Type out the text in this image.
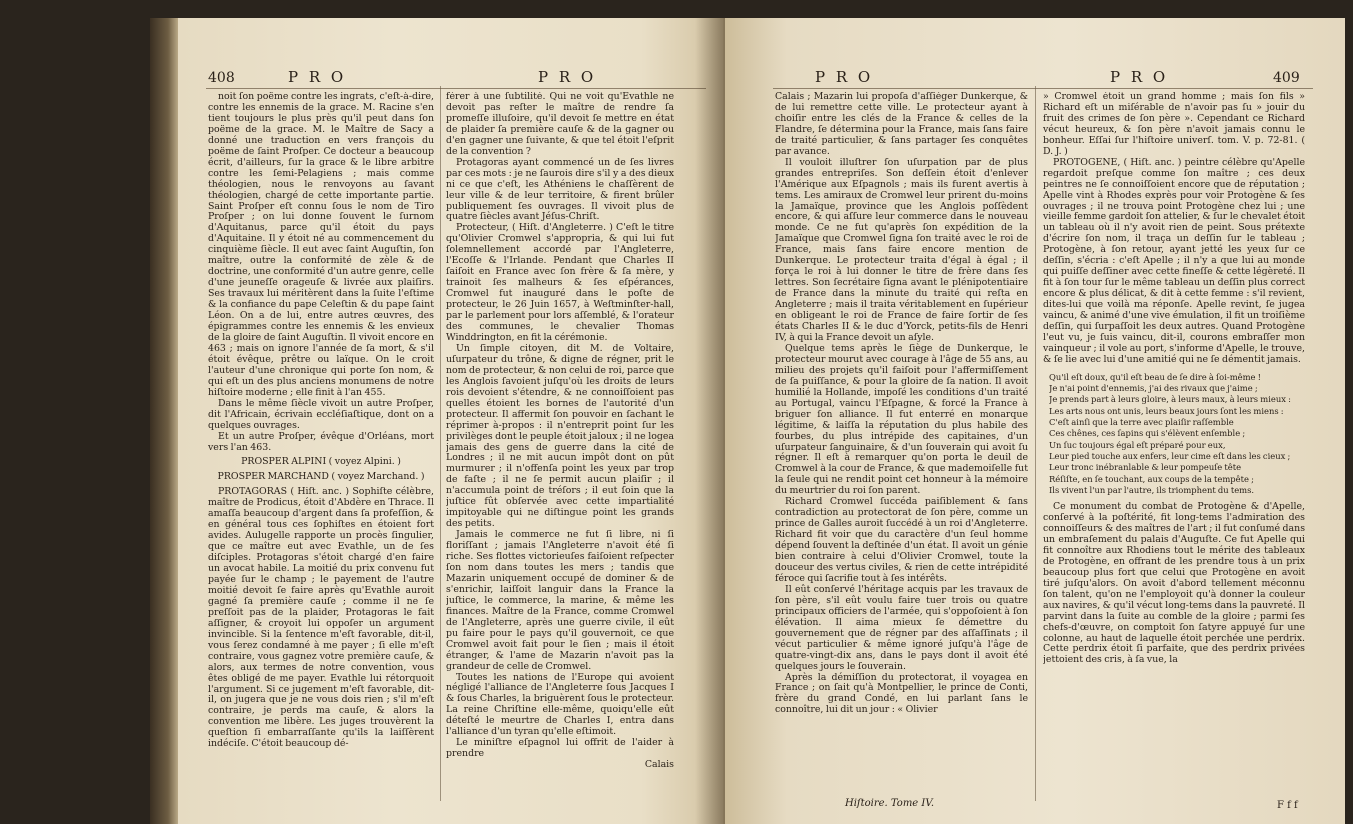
408	P R O	P R O

noit ſon poëme contre les ingrats, c'eſt-à-dire, contre les ennemis de la grace. M. Racine s'en tient toujours le plus près qu'il peut dans ſon poëme de la grace. M. le Maître de Sacy a donné une traduction en vers françois du poëme de ſaint Proſper. Ce docteur a beaucoup écrit, d'ailleurs, ſur la grace & le libre arbitre contre les ſemi-Pelagiens ; mais comme théologien, nous le renvoyons au ſavant théologien, chargé de cette importante partie. Saint Proſper eſt connu ſous le nom de Tiro Proſper ; on lui donne ſouvent le ſurnom d'Aquitanus, parce qu'il étoit du pays d'Aquitaine. Il y étoit né au commencement du cinquième ſiècle. Il eut avec ſaint Auguſtin, ſon maître, outre la conformité de zèle & de doctrine, une conformité d'un autre genre, celle d'une jeuneſſe orageuſe & livrée aux plaiſirs. Ses travaux lui méritèrent dans la ſuite l'eſtime & la confiance du pape Celeſtin & du pape ſaint Léon. On a de lui, entre autres œuvres, des épigrammes contre les ennemis & les envieux de la gloire de ſaint Auguſtin. Il vivoit encore en 463 ; mais on ignore l'année de ſa mort, & s'il étoit évêque, prêtre ou laïque. On le croit l'auteur d'une chronique qui porte ſon nom, & qui eſt un des plus anciens monumens de notre hiſtoire moderne ; elle finit à l'an 455.

Dans le même ſiècle vivoit un autre Proſper, dit l'Africain, écrivain eccléſiaſtique, dont on a quelques ouvrages.

Et un autre Proſper, évêque d'Orléans, mort vers l'an 463.

PROSPER ALPINI ( voyez Alpini. )
PROSPER MARCHAND ( voyez Marchand. )

PROTAGORAS ( Hiſt. anc. ) Sophiſte célèbre, maître de Prodicus, étoit d'Abdère en Thrace. Il amaſſa beaucoup d'argent dans ſa profeſſion, & en général tous ces ſophiſtes en étoient fort avides. Aulugelle rapporte un procès ſingulier, que ce maître eut avec Evathle, un de ſes diſciples. Protagoras s'étoit chargé d'en faire un avocat habile. La moitié du prix convenu fut payée ſur le champ ; le payement de l'autre moitié devoit ſe faire après qu'Evathle auroit gagné ſa première cauſe ; comme il ne ſe preſſoit pas de la plaider, Protagoras le fait aſſigner, & croyoit lui oppoſer un argument invincible. Si la ſentence m'eſt favorable, dit-il, vous ſerez condamné à me payer ; ſi elle m'eſt contraire, vous gagnez votre première cauſe, & alors, aux termes de notre convention, vous êtes obligé de me payer. Evathle lui rétorquoit l'argument. Si ce jugement m'eſt favorable, dit-il, on jugera que je ne vous dois rien ; s'il m'eſt contraire, je perds ma cauſe, & alors la convention me libère. Les juges trouvèrent la queſtion ſi embarraſſante qu'ils la laiſſèrent indéciſe. C'étoit beaucoup dé-

férer à une ſubtilité. Qui ne voit qu'Evathle ne devoit pas reſter le maître de rendre ſa promeſſe illuſoire, qu'il devoit ſe mettre en état de plaider ſa première cauſe & de la gagner ou d'en gagner une ſuivante, & que tel étoit l'eſprit de la convention ?

Protagoras ayant commencé un de ſes livres par ces mots : je ne ſaurois dire s'il y a des dieux ni ce que c'eſt, les Athéniens le chaſſèrent de leur ville & de leur territoire, & firent brûler publiquement ſes ouvrages. Il vivoit plus de quatre ſiècles avant Jéſus-Chriſt.

Protecteur, ( Hiſt. d'Angleterre. ) C'eſt le titre qu'Olivier Cromwel s'appropria, & qui lui fut ſolemnellement accordé par l'Angleterre, l'Ecoſſe & l'Irlande. Pendant que Charles II ſaiſoit en France avec ſon frère & ſa mère, y trainoit ſes malheurs & ſes eſpérances, Cromwel fut inauguré dans le poſte de protecteur, le 26 Juin 1657, à Weſtminſter-hall, par le parlement pour lors aſſemblé, & l'orateur des communes, le chevalier Thomas Winddrington, en fit la cérémonie.

Un ſimple citoyen, dit M. de Voltaire, uſurpateur du trône, & digne de régner, prit le nom de protecteur, & non celui de roi, parce que les Anglois ſavoient juſqu'où les droits de leurs rois devoient s'étendre, & ne connoiſſoient pas quelles étoient les bornes de l'autorité d'un protecteur. Il affermit ſon pouvoir en ſachant le réprimer à-propos : il n'entreprit point ſur les privilèges dont le peuple étoit jaloux ; il ne logea jamais des gens de guerre dans la cité de Londres ; il ne mit aucun impôt dont on pût murmurer ; il n'offenſa point les yeux par trop de faſte ; il ne ſe permit aucun plaiſir ; il n'accumula point de tréſors ; il eut ſoin que la juſtice fût obſervée avec cette impartialité impitoyable qui ne diſtingue point les grands des petits.

Jamais le commerce ne fut ſi libre, ni ſi floriſſant ; jamais l'Angleterre n'avoit été ſi riche. Ses flottes victorieuſes faiſoient reſpecter ſon nom dans toutes les mers ; tandis que Mazarin uniquement occupé de dominer & de s'enrichir, laiſſoit languir dans la France la juſtice, le commerce, la marine, & même les finances. Maître de la France, comme Cromwel de l'Angleterre, après une guerre civile, il eût pu faire pour le pays qu'il gouvernoit, ce que Cromwel avoit fait pour le ſien ; mais il étoit étranger, & l'ame de Mazarin n'avoit pas la grandeur de celle de Cromwel.

Toutes les nations de l'Europe qui avoient négligé l'alliance de l'Angleterre ſous Jacques I & ſous Charles, la briguèrent ſous le protecteur. La reine Chriſtine elle-même, quoiqu'elle eût déteſté le meurtre de Charles I, entra dans l'alliance d'un tyran qu'elle eſtimoit.

Le miniſtre eſpagnol lui offrit de l'aider à prendre

Calais
P R O	P R O	409

Calais ; Mazarin lui propoſa d'aſſiéger Dunkerque, & de lui remettre cette ville. Le protecteur ayant à choiſir entre les clés de la France & celles de la Flandre, ſe détermina pour la France, mais ſans faire de traité particulier, & ſans partager ſes conquêtes par avance.

Il vouloit illuſtrer ſon uſurpation par de plus grandes entrepriſes. Son deſſein étoit d'enlever l'Amérique aux Eſpagnols ; mais ils furent avertis à tems. Les amiraux de Cromwel leur prirent du-moins la Jamaïque, province que les Anglois poſſèdent encore, & qui aſſure leur commerce dans le nouveau monde. Ce ne fut qu'après ſon expédition de la Jamaïque que Cromwel ſigna ſon traité avec le roi de France, mais ſans faire encore mention de Dunkerque. Le protecteur traita d'égal à égal ; il força le roi à lui donner le titre de frère dans ſes lettres. Son ſecrétaire ſigna avant le plénipotentiaire de France dans la minute du traité qui reſta en Angleterre ; mais il traita véritablement en ſupérieur en obligeant le roi de France de faire ſortir de ſes états Charles II & le duc d'Yorck, petits-fils de Henri IV, à qui la France devoit un aſyle.

Quelque tems après le ſiège de Dunkerque, le protecteur mourut avec courage à l'âge de 55 ans, au milieu des projets qu'il faiſoit pour l'affermiſſement de ſa puiſſance, & pour la gloire de ſa nation. Il avoit humilié la Hollande, impoſé les conditions d'un traité au Portugal, vaincu l'Eſpagne, & forcé la France à briguer ſon alliance. Il fut enterré en monarque légitime, & laiſſa la réputation du plus habile des fourbes, du plus intrépide des capitaines, d'un uſurpateur ſanguinaire, & d'un ſouverain qui avoit ſu régner. Il eſt à remarquer qu'on porta le deuil de Cromwel à la cour de France, & que mademoiſelle fut la ſeule qui ne rendit point cet honneur à la mémoire du meurtrier du roi ſon parent.

Richard Cromwel ſuccéda paiſiblement & ſans contradiction au protectorat de ſon père, comme un prince de Galles auroit ſuccédé à un roi d'Angleterre. Richard fit voir que du caractère d'un ſeul homme dépend ſouvent la deſtinée d'un état. Il avoit un génie bien contraire à celui d'Olivier Cromwel, toute la douceur des vertus civiles, & rien de cette intrépidité féroce qui ſacrifie tout à ſes intérêts.

Il eût conſervé l'héritage acquis par les travaux de ſon père, s'il eût voulu faire tuer trois ou quatre principaux officiers de l'armée, qui s'oppoſoient à ſon élévation. Il aima mieux ſe démettre du gouvernement que de régner par des aſſaſſinats ; il vécut particulier & même ignoré juſqu'à l'âge de quatre-vingt-dix ans, dans le pays dont il avoit été quelques jours le ſouverain.

Après la démiſſion du protectorat, il voyagea en France ; on ſait qu'à Montpellier, le prince de Conti, frère du grand Condé, en lui parlant ſans le connoître, lui dit un jour : « Olivier

Hiſtoire. Tome IV.

» Cromwel étoit un grand homme ; mais ſon fils » Richard eſt un miſérable de n'avoir pas ſu » jouir du fruit des crimes de ſon père ». Cependant ce Richard vécut heureux, & ſon père n'avoit jamais connu le bonheur. Eſſai ſur l'hiſtoire univerſ. tom. V. p. 72-81. ( D. J. )

PROTOGENE, ( Hiſt. anc. ) peintre célèbre qu'Apelle regardoit preſque comme ſon maître ; ces deux peintres ne ſe connoiſſoient encore que de réputation ; Apelle vint à Rhodes exprès pour voir Protogène & ſes ouvrages ; il ne trouva point Protogène chez lui ; une vieille femme gardoit ſon attelier, & ſur le chevalet étoit un tableau où il n'y avoit rien de peint. Sous prétexte d'écrire ſon nom, il traça un deſſin ſur le tableau ; Protogène, à ſon retour, ayant jetté les yeux ſur ce deſſin, s'écria : c'eſt Apelle ; il n'y a que lui au monde qui puiſſe deſſiner avec cette fineſſe & cette légèreté. Il fit à ſon tour ſur le même tableau un deſſin plus correct encore & plus délicat, & dit à cette femme : s'il revient, dites-lui que voilà ma réponſe. Apelle revint, ſe jugea vaincu, & animé d'une vive émulation, il fit un troiſième deſſin, qui ſurpaſſoit les deux autres. Quand Protogène l'eut vu, je ſuis vaincu, dit-il, courons embraſſer mon vainqueur ; il vole au port, s'informe d'Apelle, le trouve, & ſe lie avec lui d'une amitié qui ne ſe démentit jamais.

Qu'il eſt doux, qu'il eſt beau de ſe dire à ſoi-même !
Je n'ai point d'ennemis, j'ai des rivaux que j'aime ;
Je prends part à leurs gloire, à leurs maux, à leurs mieux :
Les arts nous ont unis, leurs beaux jours ſont les miens :
C'eſt ainſi que la terre avec plaiſir raſſemble
Ces chênes, ces ſapins qui s'élèvent enſemble ;
Un ſuc toujours égal eſt préparé pour eux,
Leur pied touche aux enfers, leur cime eſt dans les cieux ;
Leur tronc inébranlable & leur pompeuſe tête
Réſiſte, en ſe touchant, aux coups de la tempête ;
Ils vivent l'un par l'autre, ils triomphent du tems.

Ce monument du combat de Protogène & d'Apelle, conſervé à la poſtérité, fit long-tems l'admiration des connoiſſeurs & des maîtres de l'art ; il fut conſumé dans un embraſement du palais d'Auguſte. Ce fut Apelle qui fit connoître aux Rhodiens tout le mérite des tableaux de Protogène, en offrant de les prendre tous à un prix beaucoup plus fort que celui que Protogène en avoit tiré juſqu'alors. On avoit d'abord tellement méconnu ſon talent, qu'on ne l'employoit qu'à donner la couleur aux navires, & qu'il vécut long-tems dans la pauvreté. Il parvint dans la ſuite au comble de la gloire ; parmi ſes chefs-d'œuvre, on comptoit ſon ſatyre appuyé ſur une colonne, au haut de laquelle étoit perchée une perdrix. Cette perdrix étoit ſi parfaite, que des perdrix privées jettoient des cris, à ſa vue, la

F f f
